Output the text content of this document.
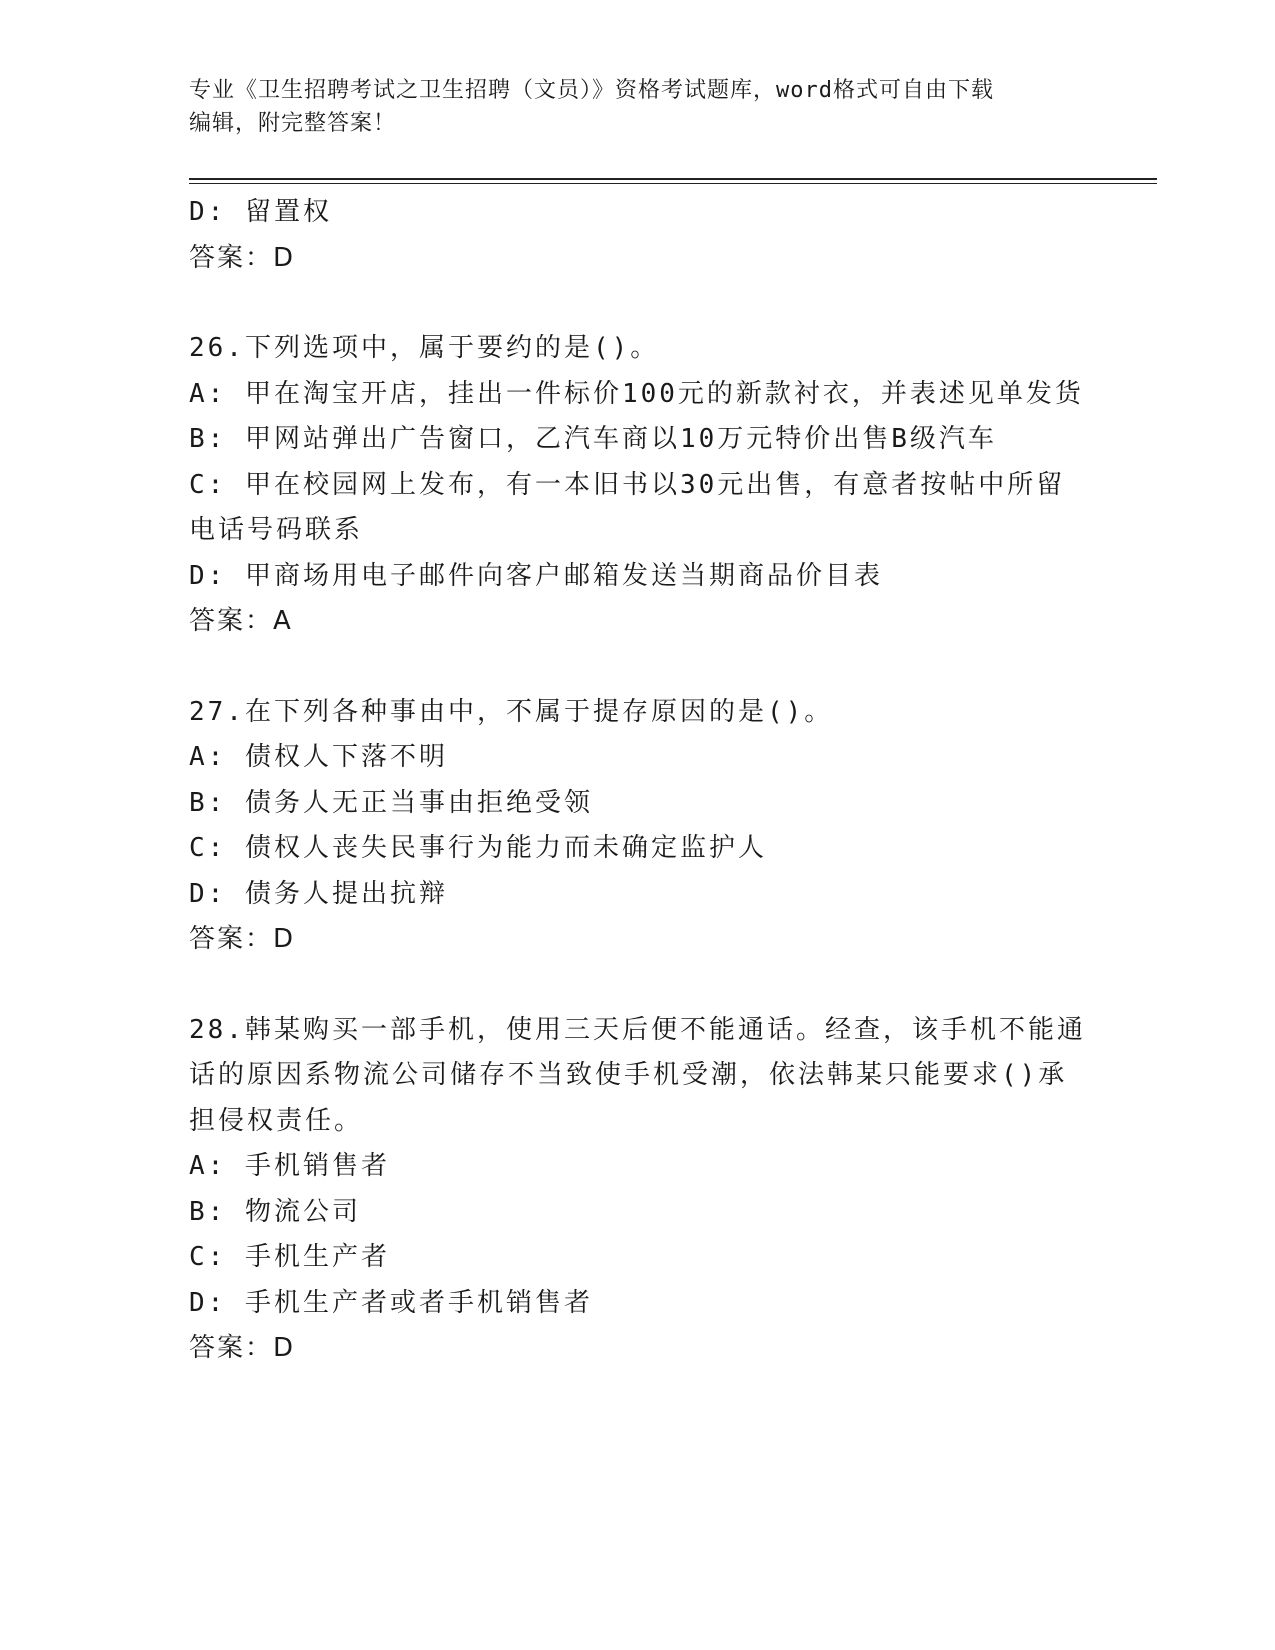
专业《卫生招聘考试之卫生招聘（文员）》资格考试题库，word格式可自由下载
编辑，附完整答案！

D: 留置权

答案：D

26.下列选项中，属于要约的是()。

A: 甲在淘宝开店，挂出一件标价100元的新款衬衣，并表述见单发货

B: 甲网站弹出广告窗口，乙汽车商以10万元特价出售B级汽车

C: 甲在校园网上发布，有一本旧书以30元出售，有意者按帖中所留

电话号码联系

D: 甲商场用电子邮件向客户邮箱发送当期商品价目表

答案：A

27.在下列各种事由中，不属于提存原因的是()。

A: 债权人下落不明

B: 债务人无正当事由拒绝受领

C: 债权人丧失民事行为能力而未确定监护人

D: 债务人提出抗辩

答案：D

28.韩某购买一部手机，使用三天后便不能通话。经查，该手机不能通

话的原因系物流公司储存不当致使手机受潮，依法韩某只能要求()承

担侵权责任。

A: 手机销售者

B: 物流公司

C: 手机生产者

D: 手机生产者或者手机销售者

答案：D
